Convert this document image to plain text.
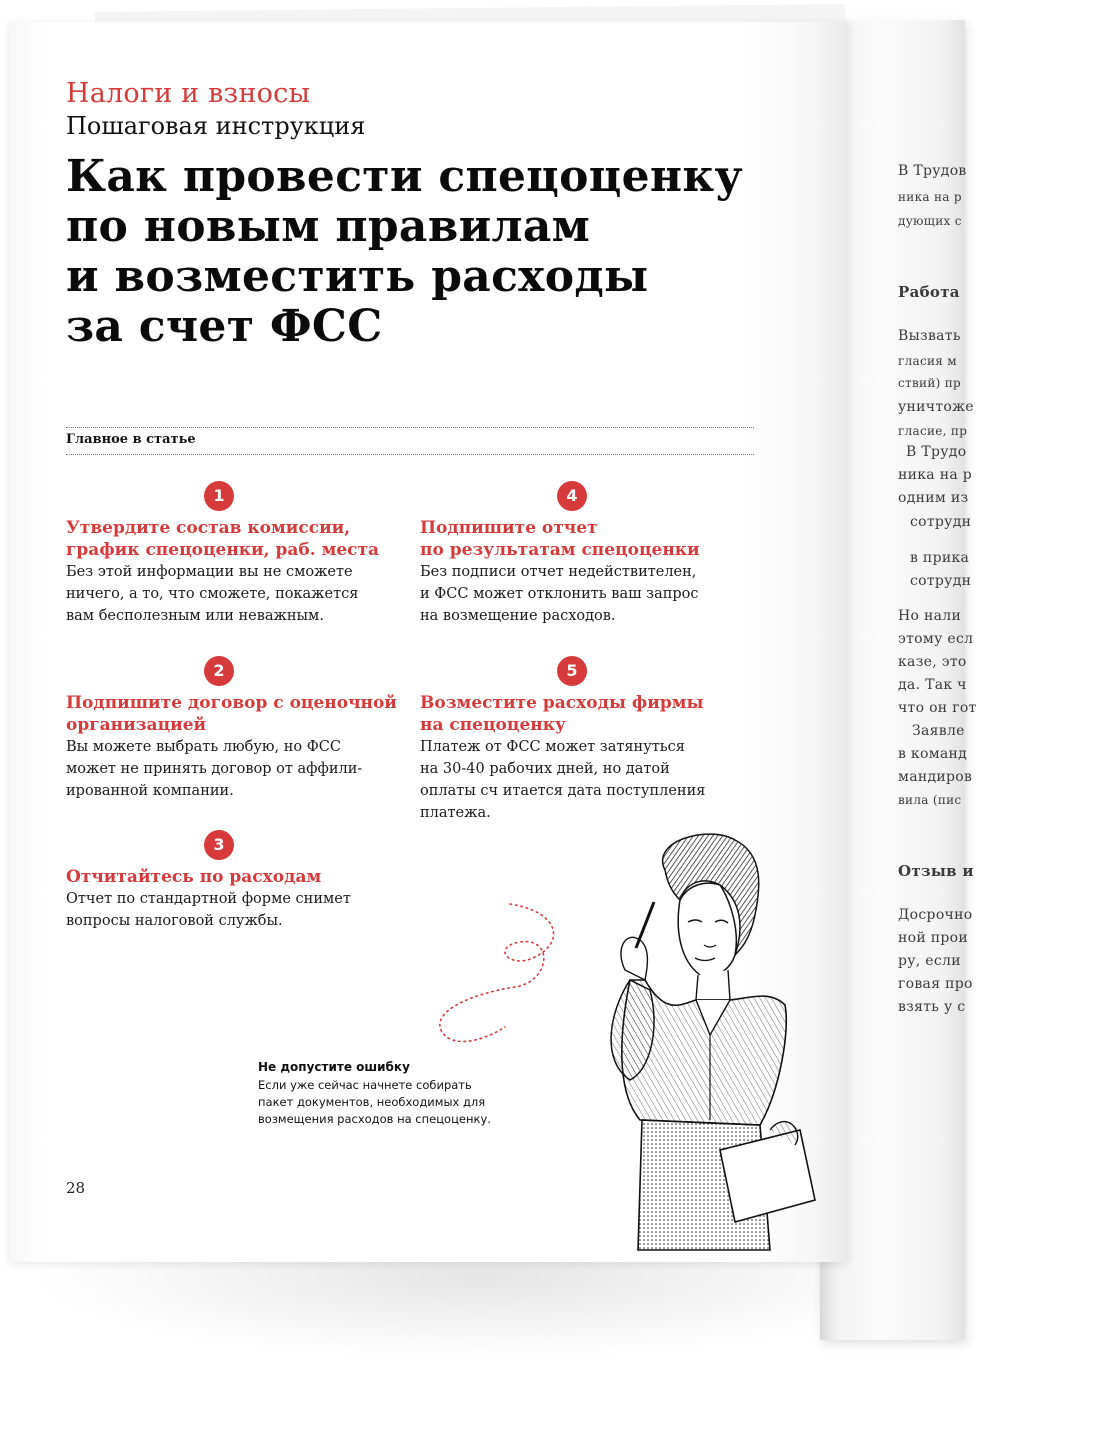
В Трудов
ника на р
дующих с
Работа
Вызвать
гласия м
ствий) пр
уничтоже
гласие, пр
В Трудо
ника на р
одним из
сотрудн
в прика
сотрудн
Но нали
этому есл
казе, это
да. Так ч
что он гот
Заявле
в команд
мандиров
вила (пис
Отзыв и
Досрочно
ной прои
ру, если
говая про
взять у с
Налоги и взносы
Пошаговая инструкция
Как провести спецоценку
по новым правилам
и возместить расходы
за счет ФСС
Главное в статье
1
Утвердите состав комиссии,
график спецоценки, раб. места
Без этой информации вы не сможете
ничего, а то, что сможете, покажется
вам бесполезным или неважным.
2
Подпишите договор с оценочной
организацией
Вы можете выбрать любую, но ФСС
может не принять договор от аффили-
ированной компании.
3
Отчитайтесь по расходам
Отчет по стандартной форме снимет
вопросы налоговой службы.
4
Подпишите отчет
по результатам спецоценки
Без подписи отчет недействителен,
и ФСС может отклонить ваш запрос
на возмещение расходов.
5
Возместите расходы фирмы
на спецоценку
Платеж от ФСС может затянуться
на 30-40 рабочих дней, но датой
оплаты сч итается дата поступления
платежа.
Не допустите ошибку
Если уже сейчас начнете собирать
пакет документов, необходимых для
возмещения расходов на спецоценку.
28
